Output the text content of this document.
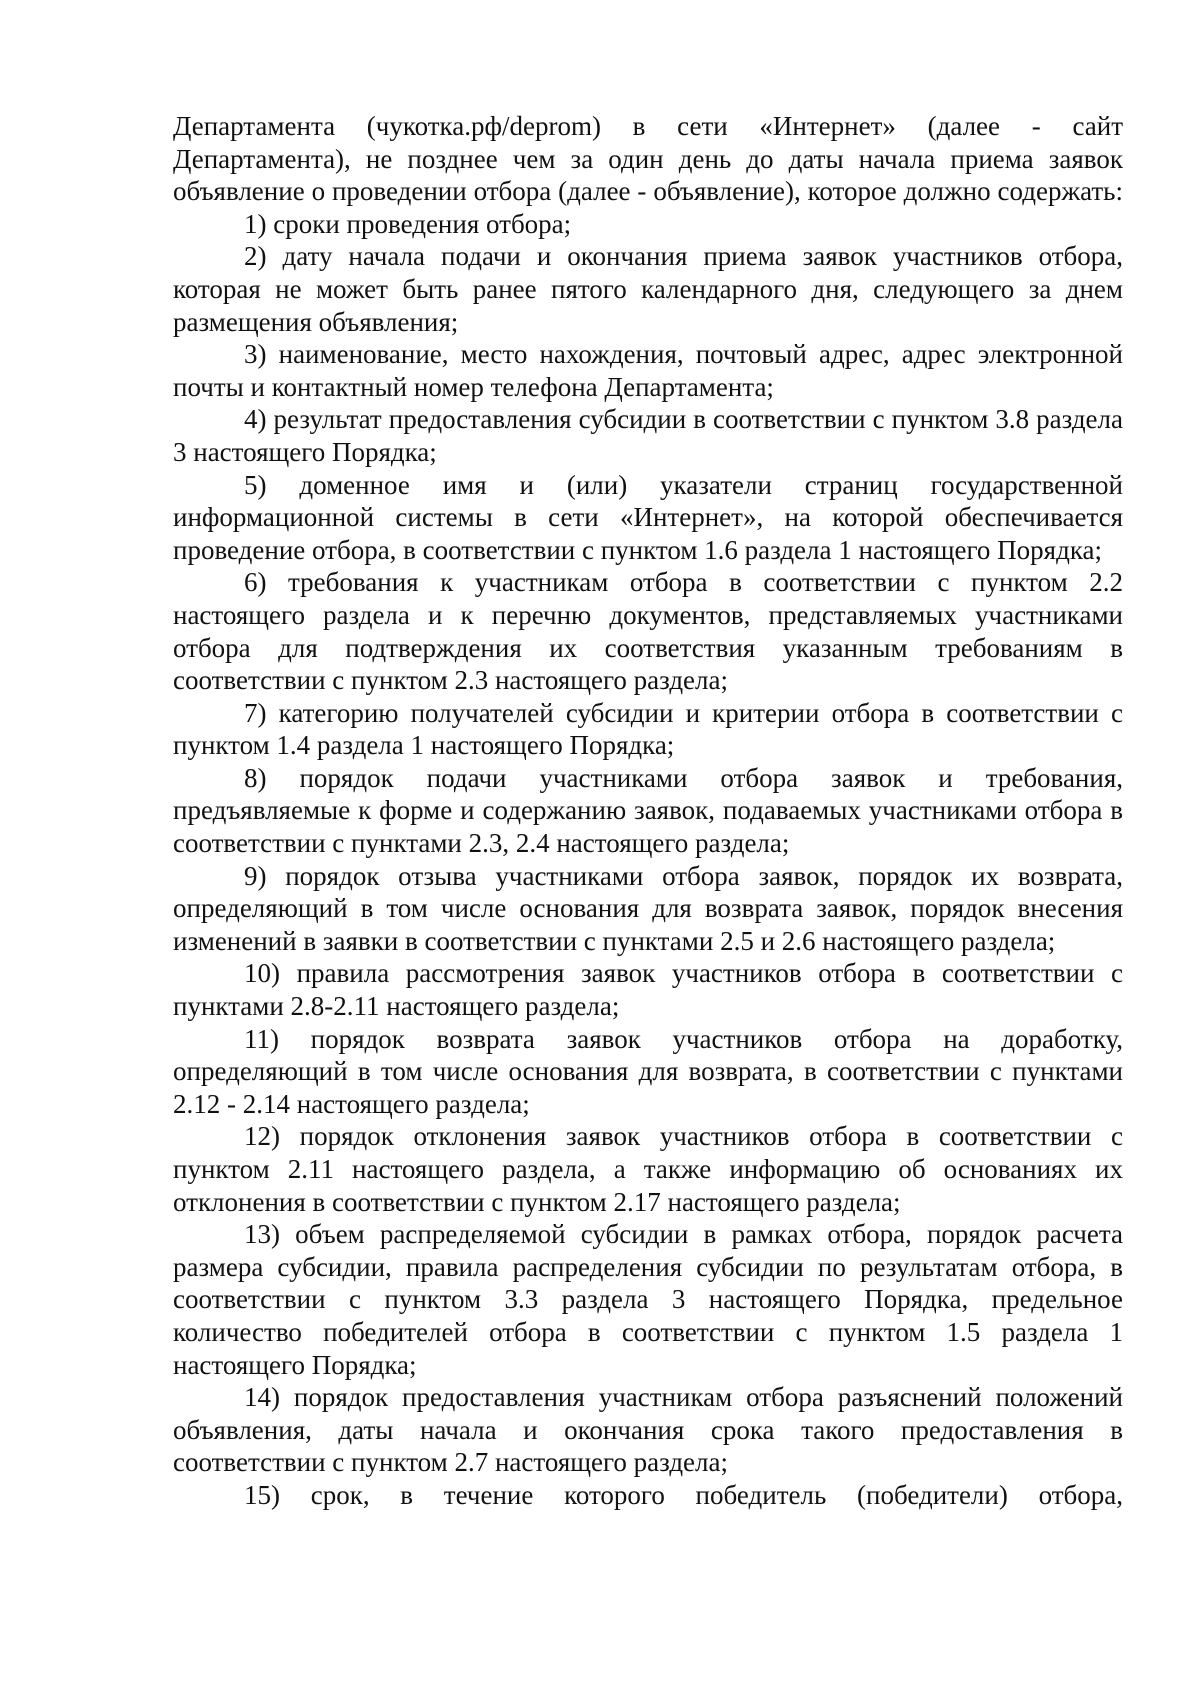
Департамента (чукотка.рф/deprom) в сети «Интернет» (далее - сайт Департамента), не позднее чем за один день до даты начала приема заявок объявление о проведении отбора (далее - объявление), которое должно содержать:

1) сроки проведения отбора;

2) дату начала подачи и окончания приема заявок участников отбора, которая не может быть ранее пятого календарного дня, следующего за днем размещения объявления;

3) наименование, место нахождения, почтовый адрес, адрес электронной почты и контактный номер телефона Департамента;

4) результат предоставления субсидии в соответствии с пунктом 3.8 раздела 3 настоящего Порядка;

5) доменное имя и (или) указатели страниц государственной информационной системы в сети «Интернет», на которой обеспечивается проведение отбора, в соответствии с пунктом 1.6 раздела 1 настоящего Порядка;

6) требования к участникам отбора в соответствии с пунктом 2.2 настоящего раздела и к перечню документов, представляемых участниками отбора для подтверждения их соответствия указанным требованиям в соответствии с пунктом 2.3 настоящего раздела;

7) категорию получателей субсидии и критерии отбора в соответствии с пунктом 1.4 раздела 1 настоящего Порядка;

8) порядок подачи участниками отбора заявок и требования, предъявляемые к форме и содержанию заявок, подаваемых участниками отбора в соответствии с пунктами 2.3, 2.4 настоящего раздела;

9) порядок отзыва участниками отбора заявок, порядок их возврата, определяющий в том числе основания для возврата заявок, порядок внесения изменений в заявки в соответствии с пунктами 2.5 и 2.6 настоящего раздела;

10) правила рассмотрения заявок участников отбора в соответствии с пунктами 2.8-2.11 настоящего раздела;

11) порядок возврата заявок участников отбора на доработку, определяющий в том числе основания для возврата, в соответствии с пунктами 2.12 - 2.14 настоящего раздела;

12) порядок отклонения заявок участников отбора в соответствии с пунктом 2.11 настоящего раздела, а также информацию об основаниях их отклонения в соответствии с пунктом 2.17 настоящего раздела;

13) объем распределяемой субсидии в рамках отбора, порядок расчета размера субсидии, правила распределения субсидии по результатам отбора, в соответствии с пунктом 3.3 раздела 3 настоящего Порядка, предельное количество победителей отбора в соответствии с пунктом 1.5 раздела 1 настоящего Порядка;

14) порядок предоставления участникам отбора разъяснений положений объявления, даты начала и окончания срока такого предоставления в соответствии с пунктом 2.7 настоящего раздела;

15) срок, в течение которого победитель (победители) отбора,
